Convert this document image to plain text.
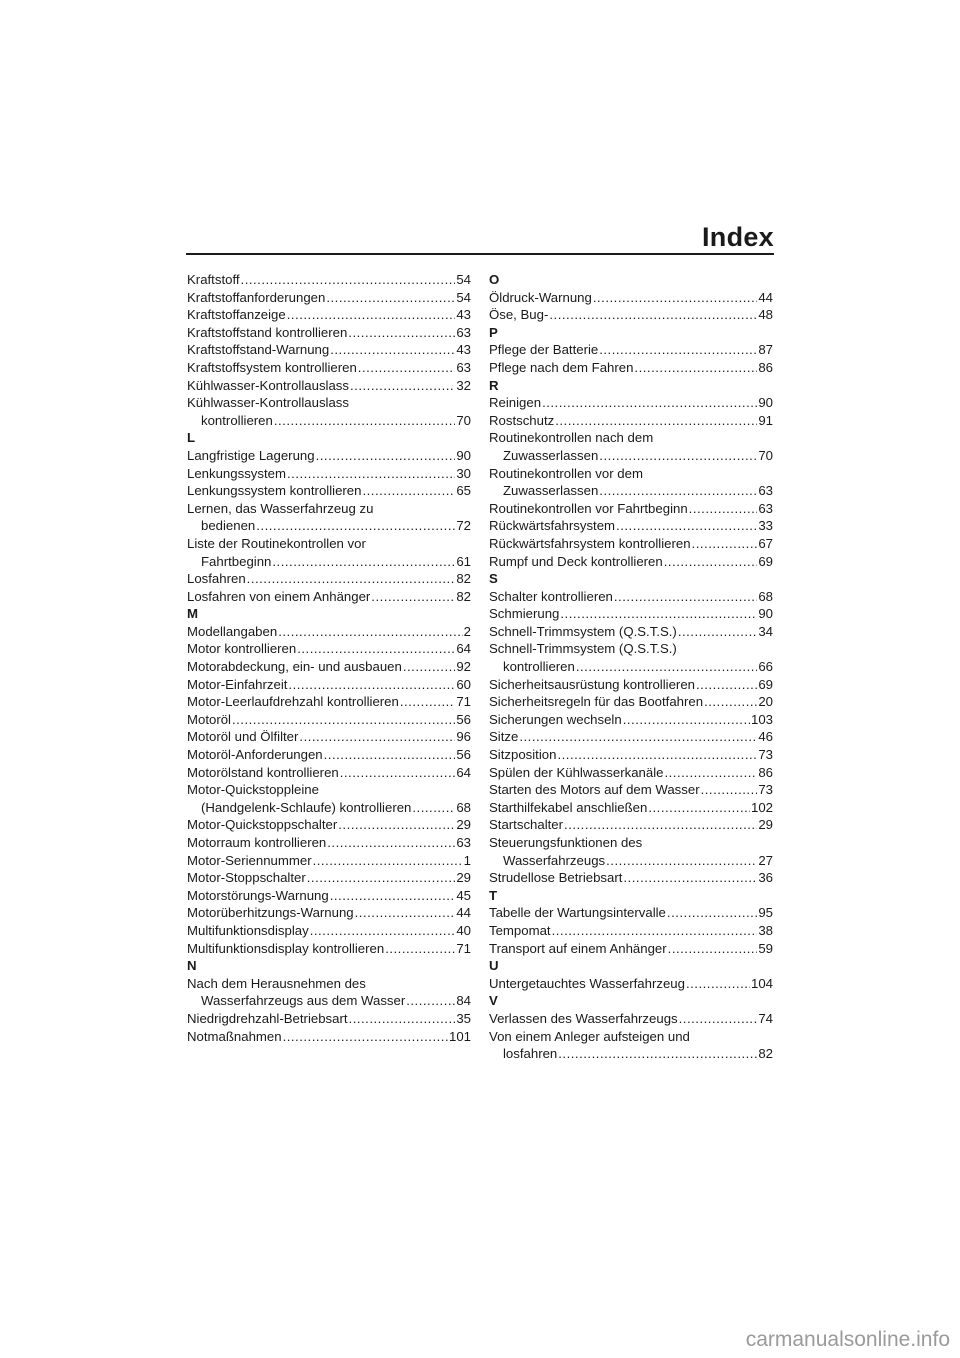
Index
Kraftstoff .....	54
Kraftstoffanforderungen .....	54
Kraftstoffanzeige .....	43
Kraftstoffstand kontrollieren .....	63
Kraftstoffstand-Warnung .....	43
Kraftstoffsystem kontrollieren .....	63
Kühlwasser-Kontrollauslass .....	32
Kühlwasser-Kontrollauslass
kontrollieren .....	70
L
Langfristige Lagerung .....	90
Lenkungssystem .....	30
Lenkungssystem kontrollieren .....	65
Lernen, das Wasserfahrzeug zu
bedienen .....	72
Liste der Routinekontrollen vor
Fahrtbeginn .....	61
Losfahren .....	82
Losfahren von einem Anhänger .....	82
M
Modellangaben .....	2
Motor kontrollieren .....	64
Motorabdeckung, ein- und ausbauen .....	92
Motor-Einfahrzeit .....	60
Motor-Leerlaufdrehzahl kontrollieren .....	71
Motoröl .....	56
Motoröl und Ölfilter .....	96
Motoröl-Anforderungen .....	56
Motorölstand kontrollieren .....	64
Motor-Quickstoppleine
(Handgelenk-Schlaufe) kontrollieren .....	68
Motor-Quickstoppschalter .....	29
Motorraum kontrollieren .....	63
Motor-Seriennummer .....	1
Motor-Stoppschalter .....	29
Motorstörungs-Warnung .....	45
Motorüberhitzungs-Warnung .....	44
Multifunktionsdisplay .....	40
Multifunktionsdisplay kontrollieren .....	71
N
Nach dem Herausnehmen des
Wasserfahrzeugs aus dem Wasser .....	84
Niedrigdrehzahl-Betriebsart .....	35
Notmaßnahmen .....	101
O
Öldruck-Warnung .....	44
Öse, Bug- .....	48
P
Pflege der Batterie .....	87
Pflege nach dem Fahren .....	86
R
Reinigen .....	90
Rostschutz .....	91
Routinekontrollen nach dem
Zuwasserlassen .....	70
Routinekontrollen vor dem
Zuwasserlassen .....	63
Routinekontrollen vor Fahrtbeginn .....	63
Rückwärtsfahrsystem .....	33
Rückwärtsfahrsystem kontrollieren .....	67
Rumpf und Deck kontrollieren .....	69
S
Schalter kontrollieren .....	68
Schmierung .....	90
Schnell-Trimmsystem (Q.S.T.S.) .....	34
Schnell-Trimmsystem (Q.S.T.S.)
kontrollieren .....	66
Sicherheitsausrüstung kontrollieren .....	69
Sicherheitsregeln für das Bootfahren .....	20
Sicherungen wechseln .....	103
Sitze .....	46
Sitzposition .....	73
Spülen der Kühlwasserkanäle .....	86
Starten des Motors auf dem Wasser .....	73
Starthilfekabel anschließen .....	102
Startschalter .....	29
Steuerungsfunktionen des
Wasserfahrzeugs .....	27
Strudellose Betriebsart .....	36
T
Tabelle der Wartungsintervalle .....	95
Tempomat .....	38
Transport auf einem Anhänger .....	59
U
Untergetauchtes Wasserfahrzeug .....	104
V
Verlassen des Wasserfahrzeugs .....	74
Von einem Anleger aufsteigen und
losfahren .....	82
carmanualsonline.info
